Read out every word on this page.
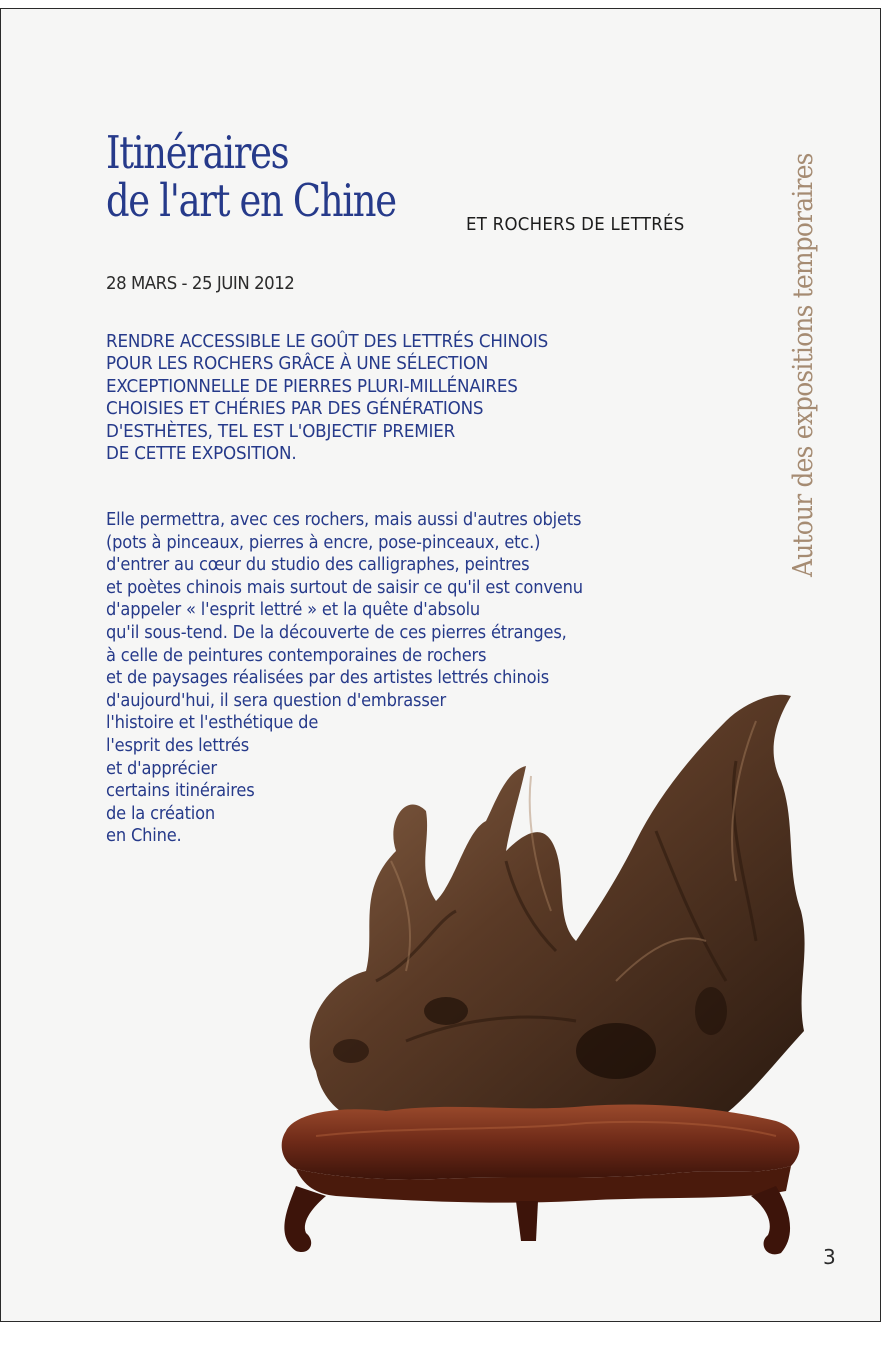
Itinéraires
de l'art en Chine	ET ROCHERS DE LETTRÉS
28 MARS - 25 JUIN 2012

RENDRE ACCESSIBLE LE GOÛT DES LETTRÉS CHINOIS
POUR LES ROCHERS GRÂCE À UNE SÉLECTION
EXCEPTIONNELLE DE PIERRES PLURI-MILLÉNAIRES
CHOISIES ET CHÉRIES PAR DES GÉNÉRATIONS
D'ESTHÈTES, TEL EST L'OBJECTIF PREMIER
DE CETTE EXPOSITION.

Elle permettra, avec ces rochers, mais aussi d'autres objets
(pots à pinceaux, pierres à encre, pose-pinceaux, etc.)
d'entrer au cœur du studio des calligraphes, peintres
et poètes chinois mais surtout de saisir ce qu'il est convenu
d'appeler « l'esprit lettré » et la quête d'absolu
qu'il sous-tend. De la découverte de ces pierres étranges,
à celle de peintures contemporaines de rochers
et de paysages réalisées par des artistes lettrés chinois
d'aujourd'hui, il sera question d'embrasser
l'histoire et l'esthétique de
l'esprit des lettrés
et d'apprécier
certains itinéraires
de la création
en Chine.

Autour des expositions temporaires
3
